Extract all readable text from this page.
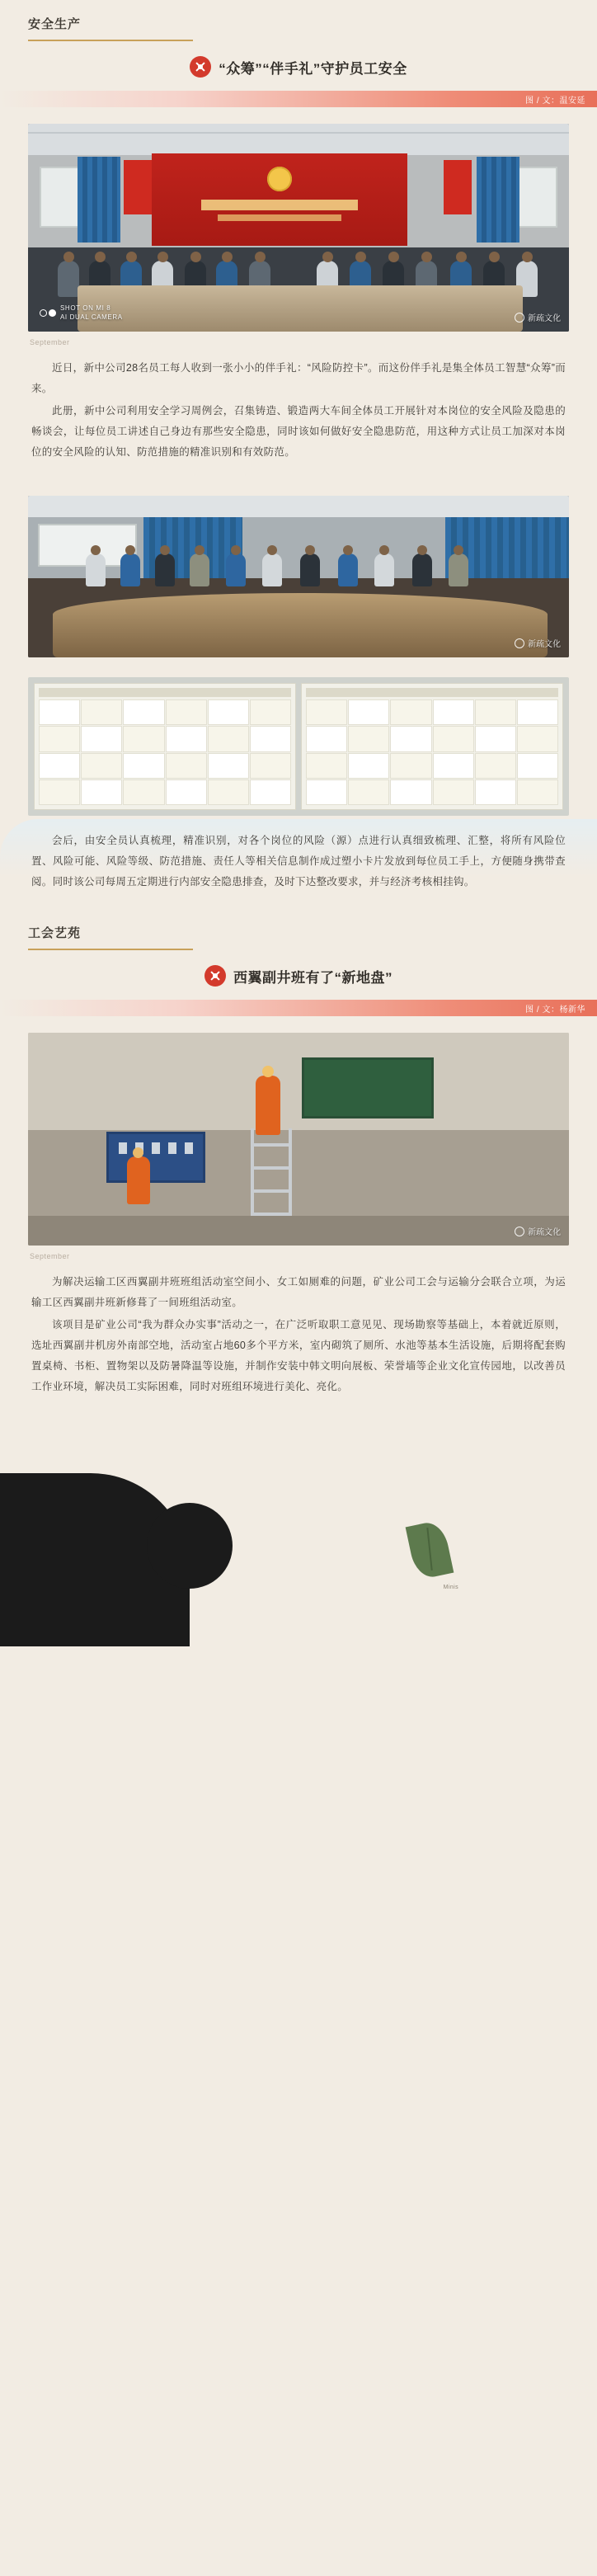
安全生产
“众筹”“伴手礼”守护员工安全
图 / 文：温安延
SHOT ON MI 8
AI DUAL CAMERA	新疏文化
September

近日，新中公司28名员工每人收到一张小小的伴手礼：“风险防控卡”。而这份伴手礼是集全体员工智慧“众筹”而来。

此册，新中公司利用安全学习周例会，召集铸造、锻造两大车间全体员工开展针对本岗位的安全风险及隐患的畅谈会，让每位员工讲述自己身边有那些安全隐患，同时该如何做好安全隐患防范，用这种方式让员工加深对本岗位的安全风险的认知、防范措施的精准识别和有效防范。

新疏文化

会后，由安全员认真梳理，精准识别，对各个岗位的风险（源）点进行认真细致梳理、汇整，将所有风险位置、风险可能、风险等级、防范措施、责任人等相关信息制作成过塑小卡片发放到每位员工手上，方便随身携带查阅。同时该公司每周五定期进行内部安全隐患排查，及时下达整改要求，并与经济考核相挂钩。

工会艺苑
西翼副井班有了“新地盘”
图 / 文：杨新华
新疏文化
September

为解决运输工区西翼副井班班组活动室空间小、女工如厕难的问题，矿业公司工会与运输分会联合立项，为运输工区西翼副井班新修葺了一间班组活动室。

该项目是矿业公司“我为群众办实事”活动之一，在广泛听取职工意见见、现场勘察等基础上，本着就近原则，选址西翼副井机房外南部空地，活动室占地60多个平方米，室内砌筑了厕所、水池等基本生活设施，后期将配套购置桌椅、书柜、置物架以及防暑降温等设施，并制作安装中韩文明向展板、荣誉墙等企业文化宣传园地，以改善员工作业环境，解决员工实际困难，同时对班组环境进行美化、亮化。

Minis
